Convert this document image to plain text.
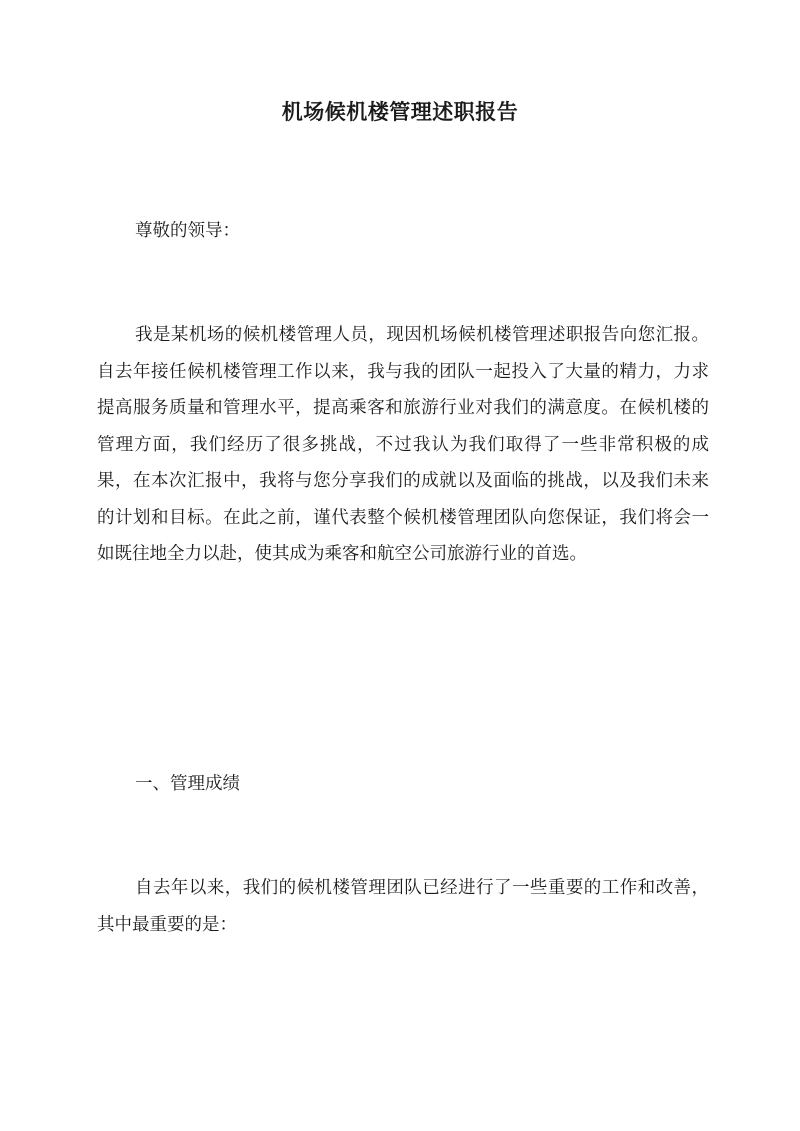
机场候机楼管理述职报告

尊敬的领导：

我是某机场的候机楼管理人员，现因机场候机楼管理述职报告向您汇报。自去年接任候机楼管理工作以来，我与我的团队一起投入了大量的精力，力求提高服务质量和管理水平，提高乘客和旅游行业对我们的满意度。在候机楼的管理方面，我们经历了很多挑战，不过我认为我们取得了一些非常积极的成果，在本次汇报中，我将与您分享我们的成就以及面临的挑战，以及我们未来的计划和目标。在此之前，谨代表整个候机楼管理团队向您保证，我们将会一如既往地全力以赴，使其成为乘客和航空公司旅游行业的首选。

一、管理成绩

自去年以来，我们的候机楼管理团队已经进行了一些重要的工作和改善，其中最重要的是：
